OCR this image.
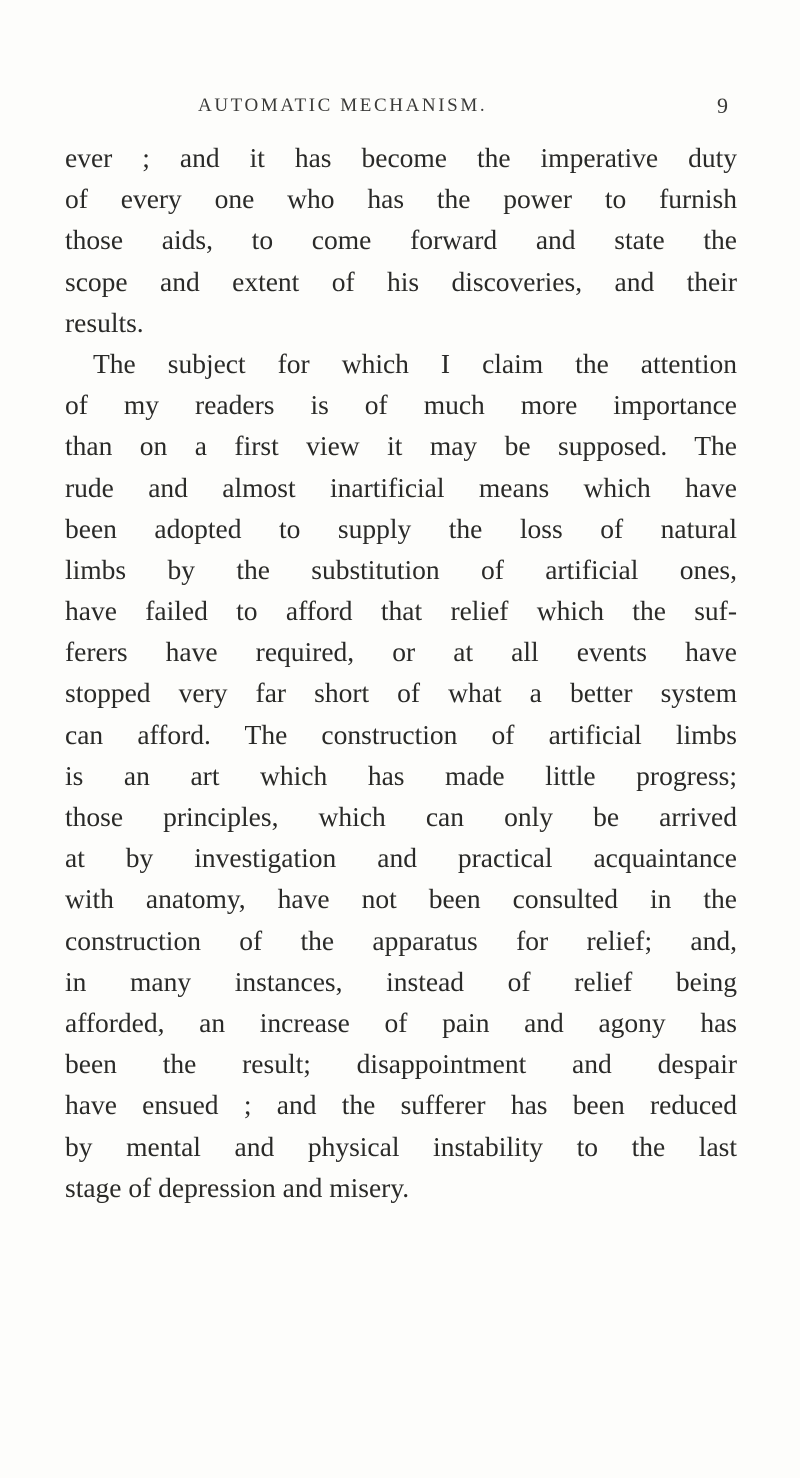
AUTOMATIC MECHANISM.	9
ever ; and it has become the imperative duty
of every one who has the power to furnish
those aids, to come forward and state the
scope and extent of his discoveries, and their
results.
The subject for which I claim the attention
of my readers is of much more importance
than on a first view it may be supposed. The
rude and almost inartificial means which have
been adopted to supply the loss of natural
limbs by the substitution of artificial ones,
have failed to afford that relief which the suf-
ferers have required, or at all events have
stopped very far short of what a better system
can afford. The construction of artificial limbs
is an art which has made little progress;
those principles, which can only be arrived
at by investigation and practical acquaintance
with anatomy, have not been consulted in the
construction of the apparatus for relief; and,
in many instances, instead of relief being
afforded, an increase of pain and agony has
been the result; disappointment and despair
have ensued ; and the sufferer has been reduced
by mental and physical instability to the last
stage of depression and misery.
